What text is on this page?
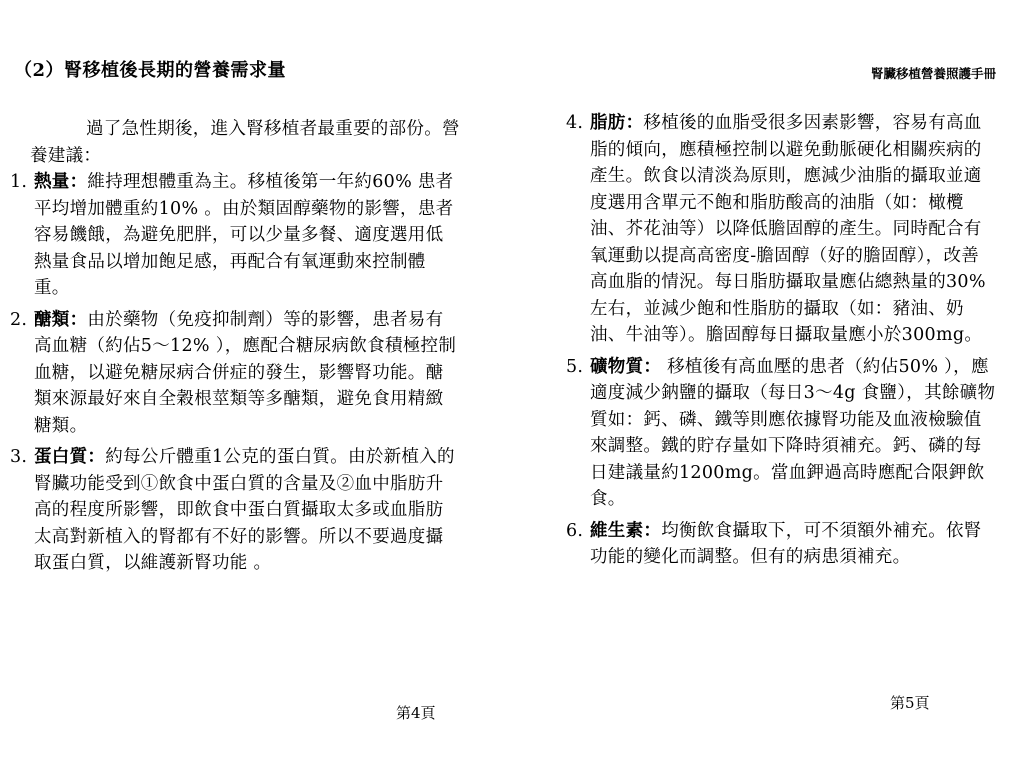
（2）腎移植後長期的營養需求量	腎臟移植營養照護手冊

過了急性期後，進入腎移植者最重要的部份。營養建議：

1. 熱量：維持理想體重為主。移植後第一年約60% 患者平均增加體重約10% 。由於類固醇藥物的影響，患者容易饑餓，為避免肥胖，可以少量多餐、適度選用低熱量食品以增加飽足感，再配合有氧運動來控制體重。
2. 醣類：由於藥物（免疫抑制劑）等的影響，患者易有高血糖（約佔5～12% ），應配合糖尿病飲食積極控制血糖，以避免糖尿病合併症的發生，影響腎功能。醣類來源最好來自全穀根莖類等多醣類，避免食用精緻糖類。
3. 蛋白質：約每公斤體重1公克的蛋白質。由於新植入的腎臟功能受到①飲食中蛋白質的含量及②血中脂肪升高的程度所影響，即飲食中蛋白質攝取太多或血脂肪太高對新植入的腎都有不好的影響。所以不要過度攝取蛋白質，以維護新腎功能 。
4. 脂肪：移植後的血脂受很多因素影響，容易有高血脂的傾向，應積極控制以避免動脈硬化相關疾病的產生。飲食以清淡為原則，應減少油脂的攝取並適度選用含單元不飽和脂肪酸高的油脂（如：橄欖油、芥花油等）以降低膽固醇的產生。同時配合有氧運動以提高高密度-膽固醇（好的膽固醇），改善高血脂的情況。每日脂肪攝取量應佔總熱量的30%左右，並減少飽和性脂肪的攝取（如：豬油、奶油、牛油等）。膽固醇每日攝取量應小於300mg。
5. 礦物質： 移植後有高血壓的患者（約佔50% ），應適度減少鈉鹽的攝取（每日3～4g 食鹽），其餘礦物質如：鈣、磷、鐵等則應依據腎功能及血液檢驗值來調整。鐵的貯存量如下降時須補充。鈣、磷的每日建議量約1200mg。當血鉀過高時應配合限鉀飲食。
6. 維生素：均衡飲食攝取下，可不須額外補充。依腎功能的變化而調整。但有的病患須補充。
第4頁
第5頁
